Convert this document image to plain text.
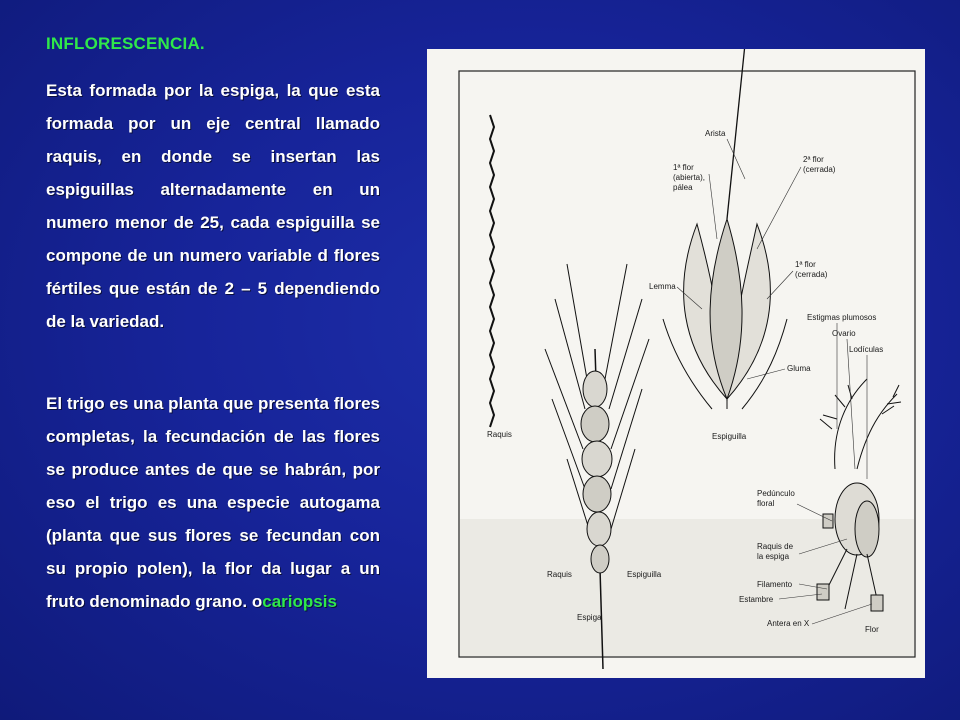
INFLORESCENCIA.

Esta formada por la espiga, la que esta formada por un eje central llamado raquis, en donde se insertan las espiguillas alternadamente en un numero menor de 25, cada espiguilla se compone de un numero variable d flores fértiles que están de 2 – 5 dependiendo de la variedad.

El trigo es una planta que presenta flores completas, la fecundación de las flores se produce antes de que se habrán, por eso el trigo es una especie autogama (planta que sus flores se fecundan con su propio polen), la flor da lugar a un fruto denominado grano. ocariopsis

Raquis
Raquis	Espiguilla
Espiga
Arista
1ª flor
(abierta),
pálea
2ª flor
(cerrada)
1ª flor
(cerrada)
Lemma
Gluma
Espiguilla
Estigmas plumosos
Ovario
Lodículas
Pedúnculo
floral
Raquis de
la espiga
Filamento
Estambre
Antera en X
Flor
